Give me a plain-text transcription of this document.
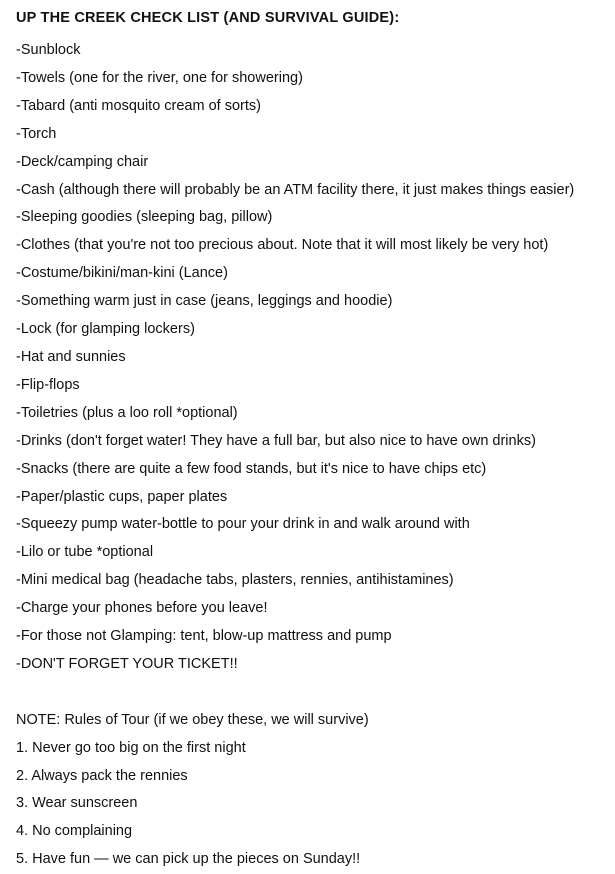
UP THE CREEK CHECK LIST (AND SURVIVAL GUIDE):
-Sunblock
-Towels (one for the river, one for showering)
-Tabard (anti mosquito cream of sorts)
-Torch
-Deck/camping chair
-Cash (although there will probably be an ATM facility there, it just makes things easier)
-Sleeping goodies (sleeping bag, pillow)
-Clothes (that you're not too precious about. Note that it will most likely be very hot)
-Costume/bikini/man-kini (Lance)
-Something warm just in case (jeans, leggings and hoodie)
-Lock (for glamping lockers)
-Hat and sunnies
-Flip-flops
-Toiletries (plus a loo roll *optional)
-Drinks (don't forget water! They have a full bar, but also nice to have own drinks)
-Snacks (there are quite a few food stands, but it's nice to have chips etc)
-Paper/plastic cups, paper plates
-Squeezy pump water-bottle to pour your drink in and walk around with
-Lilo or tube *optional
-Mini medical bag (headache tabs, plasters, rennies, antihistamines)
-Charge your phones before you leave!
-For those not Glamping: tent, blow-up mattress and pump
-DON'T FORGET YOUR TICKET!!
NOTE: Rules of Tour (if we obey these, we will survive)
1. Never go too big on the first night
2. Always pack the rennies
3. Wear sunscreen
4. No complaining
5. Have fun — we can pick up the pieces on Sunday!!
